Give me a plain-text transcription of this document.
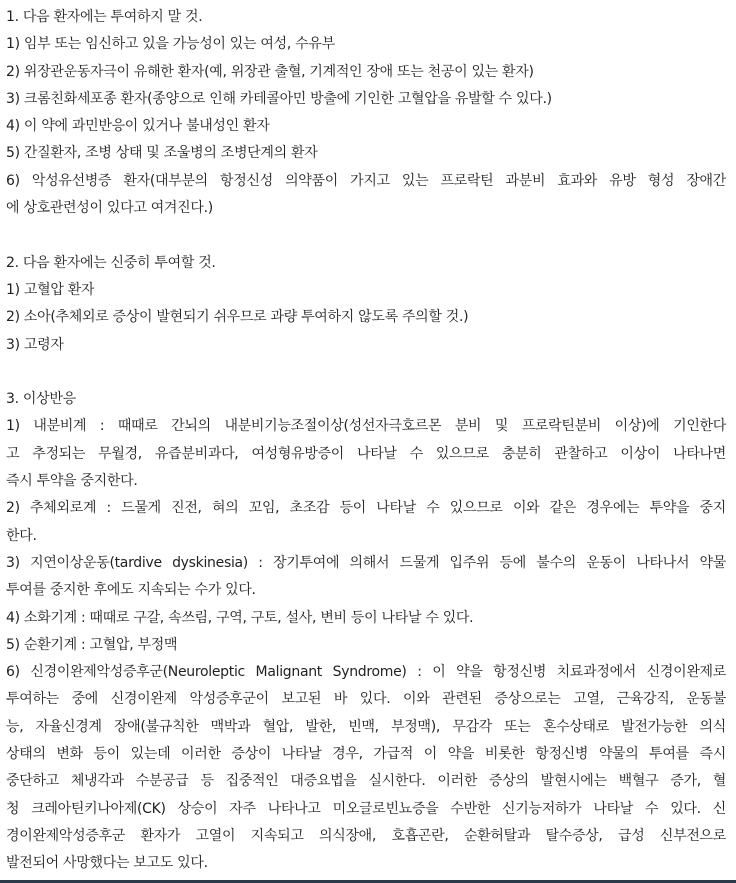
1. 다음 환자에는 투여하지 말 것.
1) 임부 또는 임신하고 있을 가능성이 있는 여성, 수유부
2) 위장관운동자극이 유해한 환자(예, 위장관 출혈, 기계적인 장애 또는 천공이 있는 환자)
3) 크롬친화세포종 환자(종양으로 인해 카테콜아민 방출에 기인한 고혈압을 유발할 수 있다.)
4) 이 약에 과민반응이 있거나 불내성인 환자
5) 간질환자, 조병 상태 및 조울병의 조병단계의 환자
6) 악성유선병증 환자(대부분의 항정신성 의약품이 가지고 있는 프로락틴 과분비 효과와 유방 형성 장애간
에 상호관련성이 있다고 여겨진다.)
2. 다음 환자에는 신중히 투여할 것.
1) 고혈압 환자
2) 소아(추체외로 증상이 발현되기 쉬우므로 과량 투여하지 않도록 주의할 것.)
3) 고령자
3. 이상반응
1) 내분비계 : 때때로 간뇌의 내분비기능조절이상(성선자극호르몬 분비 및 프로락틴분비 이상)에 기인한다
고 추정되는 무월경, 유즙분비과다, 여성형유방증이 나타날 수 있으므로 충분히 관찰하고 이상이 나타나면
즉시 투약을 중지한다.
2) 추체외로계 : 드물게 진전, 혀의 꼬임, 초조감 등이 나타날 수 있으므로 이와 같은 경우에는 투약을 중지
한다.
3) 지연이상운동(tardive dyskinesia) : 장기투여에 의해서 드물게 입주위 등에 불수의 운동이 나타나서 약물
투여를 중지한 후에도 지속되는 수가 있다.
4) 소화기계 : 때때로 구갈, 속쓰림, 구역, 구토, 설사, 변비 등이 나타날 수 있다.
5) 순환기계 : 고혈압, 부정맥
6) 신경이완제악성증후군(Neuroleptic Malignant Syndrome) : 이 약을 항정신병 치료과정에서 신경이완제로
투여하는 중에 신경이완제 악성증후군이 보고된 바 있다. 이와 관련된 증상으로는 고열, 근육강직, 운동불
능, 자율신경계 장애(불규칙한 맥박과 혈압, 발한, 빈맥, 부정맥), 무감각 또는 혼수상태로 발전가능한 의식
상태의 변화 등이 있는데 이러한 증상이 나타날 경우, 가급적 이 약을 비롯한 항정신병 약물의 투여를 즉시
중단하고 체냉각과 수분공급 등 집중적인 대증요법을 실시한다. 이러한 증상의 발현시에는 백혈구 증가, 혈
청 크레아틴키나아제(CK) 상승이 자주 나타나고 미오글로빈뇨증을 수반한 신기능저하가 나타날 수 있다. 신
경이완제악성증후군 환자가 고열이 지속되고 의식장애, 호흡곤란, 순환허탈과 탈수증상, 급성 신부전으로
발전되어 사망했다는 보고도 있다.
